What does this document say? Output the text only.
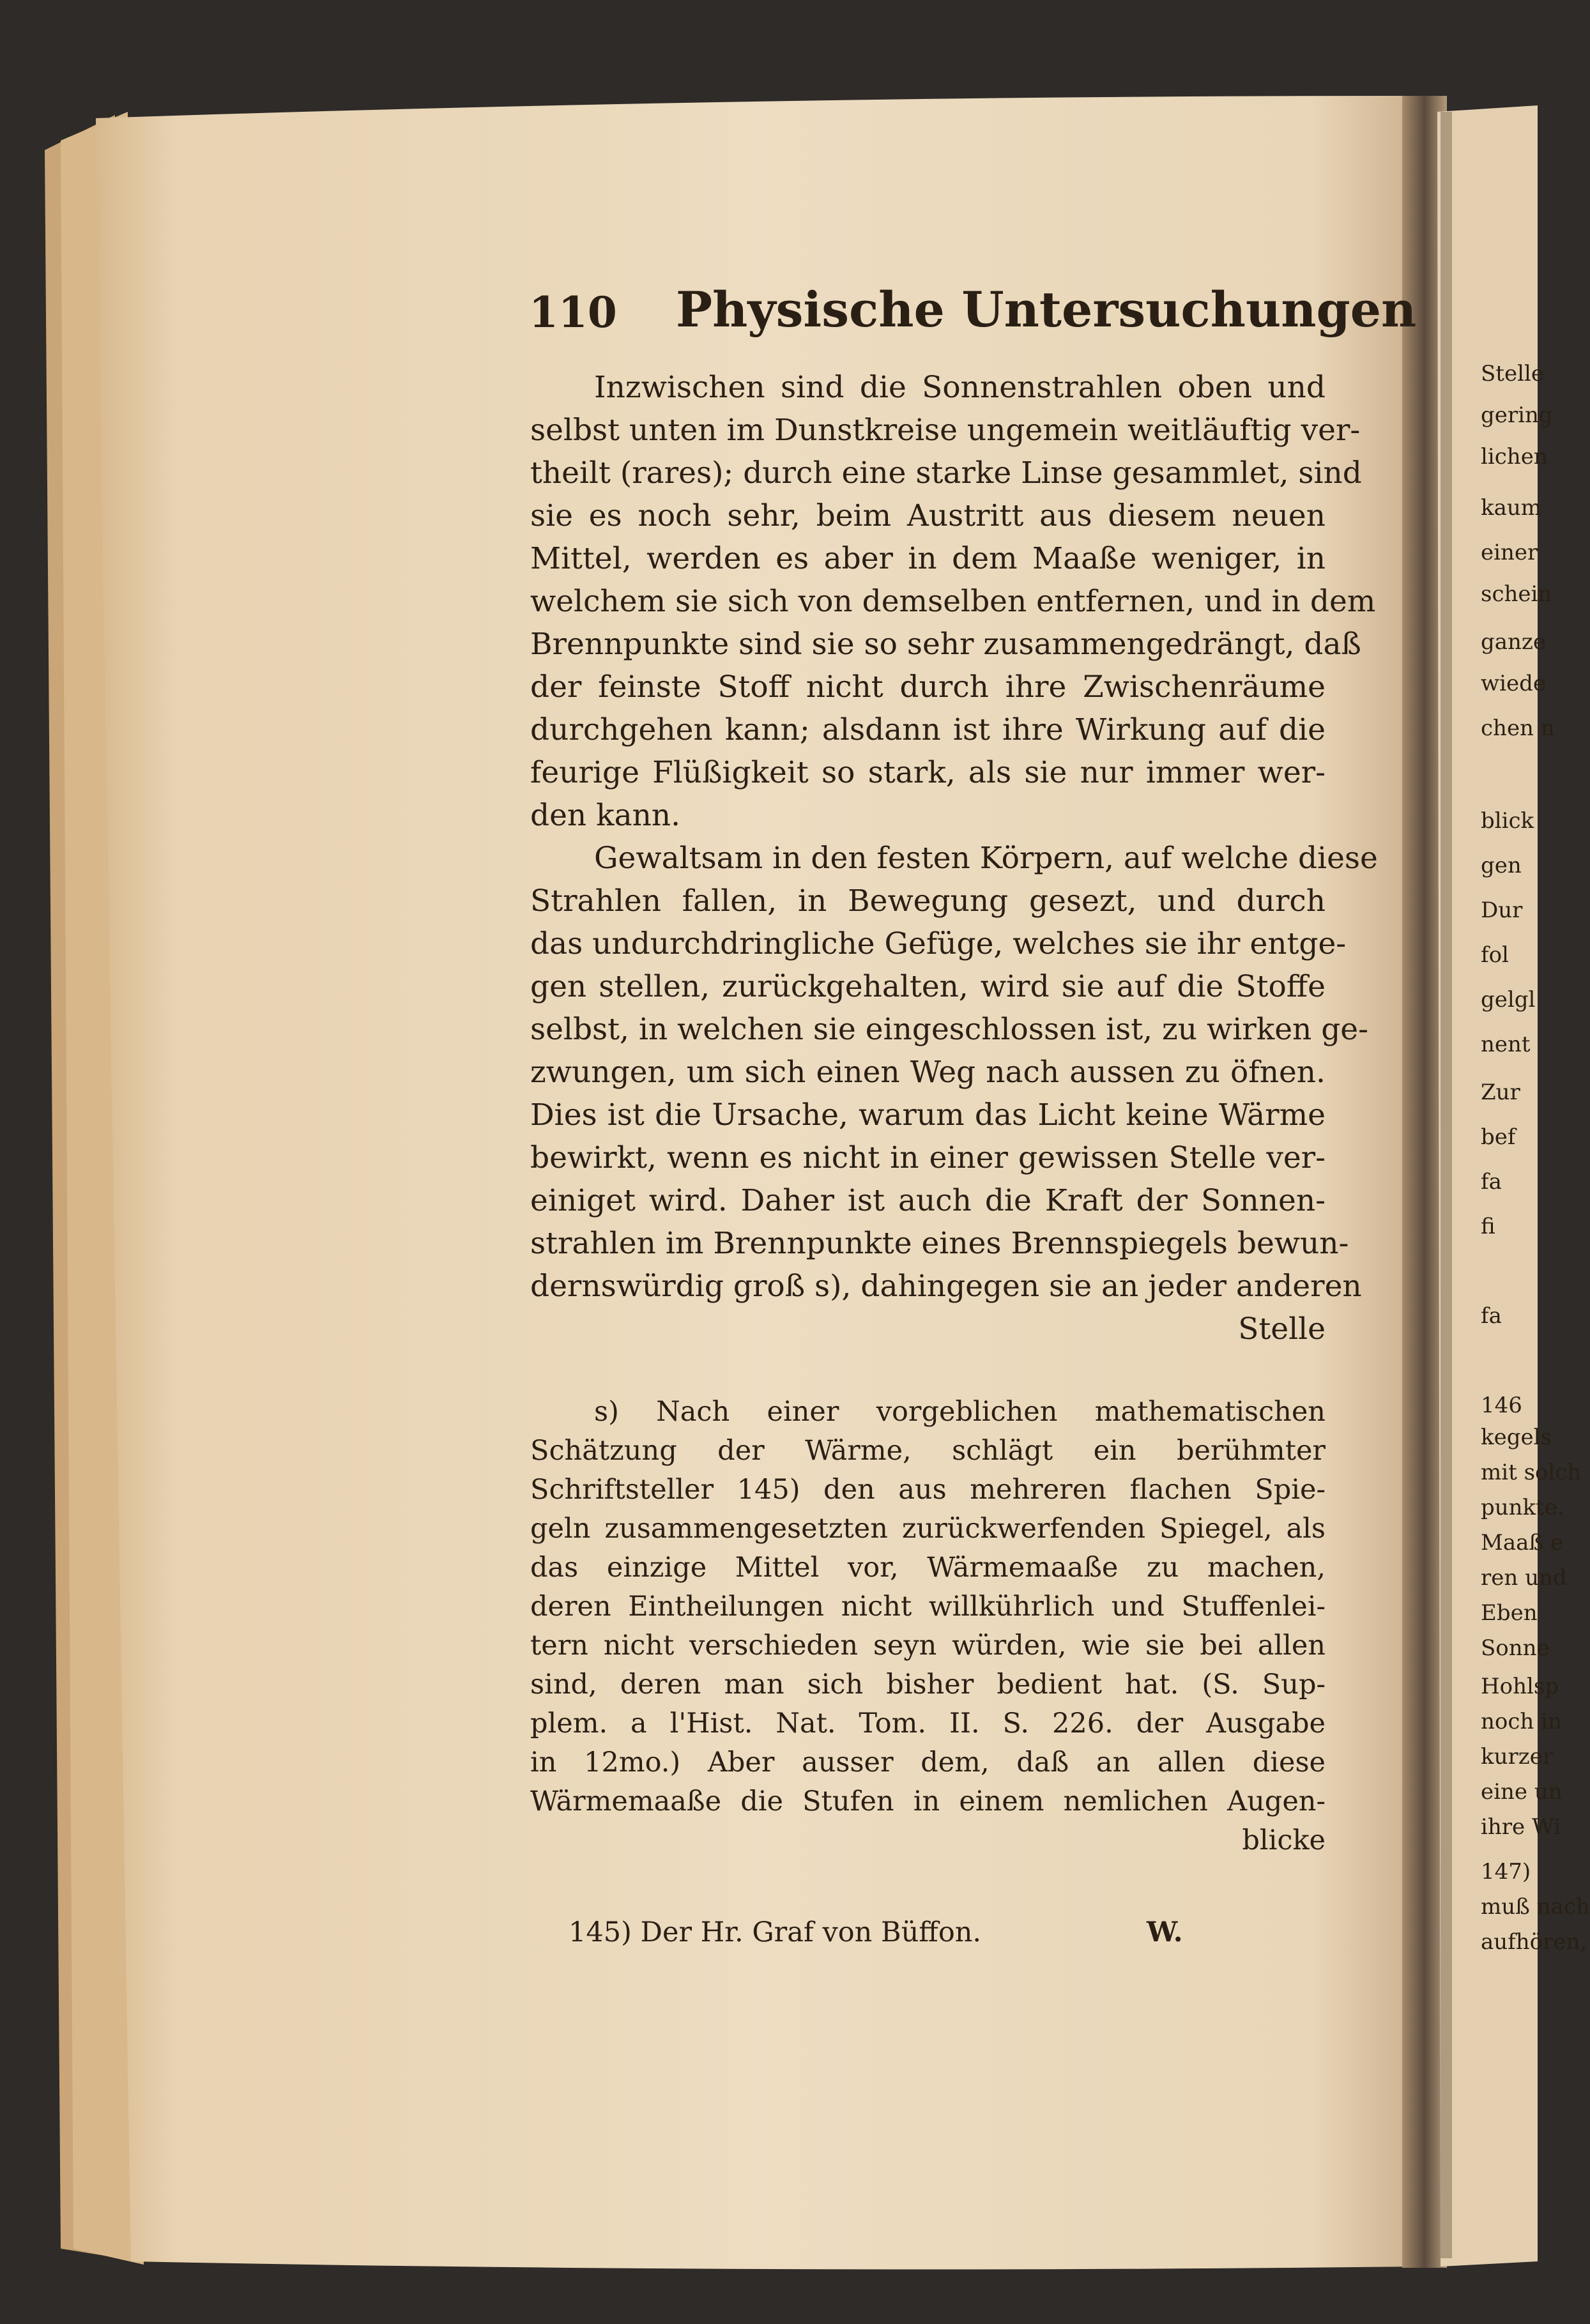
110 Physische Untersuchungen
Inzwischen sind die Sonnenstrahlen oben und
selbst unten im Dunstkreise ungemein weitläuftig ver-
theilt (rares); durch eine starke Linse gesammlet, sind
sie es noch sehr, beim Austritt aus diesem neuen
Mittel, werden es aber in dem Maaße weniger, in
welchem sie sich von demselben entfernen, und in dem
Brennpunkte sind sie so sehr zusammengedrängt, daß
der feinste Stoff nicht durch ihre Zwischenräume
durchgehen kann; alsdann ist ihre Wirkung auf die
feurige Flüßigkeit so stark, als sie nur immer wer-
den kann.
Gewaltsam in den festen Körpern, auf welche diese
Strahlen fallen, in Bewegung gesezt, und durch
das undurchdringliche Gefüge, welches sie ihr entge-
gen stellen, zurückgehalten, wird sie auf die Stoffe
selbst, in welchen sie eingeschlossen ist, zu wirken ge-
zwungen, um sich einen Weg nach aussen zu öfnen.
Dies ist die Ursache, warum das Licht keine Wärme
bewirkt, wenn es nicht in einer gewissen Stelle ver-
einiget wird. Daher ist auch die Kraft der Sonnen-
strahlen im Brennpunkte eines Brennspiegels bewun-
dernswürdig groß s), dahingegen sie an jeder anderen
Stelle
s) Nach einer vorgeblichen mathematischen
Schätzung der Wärme, schlägt ein berühmter
Schriftsteller 145) den aus mehreren flachen Spie-
geln zusammengesetzten zurückwerfenden Spiegel, als
das einzige Mittel vor, Wärmemaaße zu machen,
deren Eintheilungen nicht willkührlich und Stuffenlei-
tern nicht verschieden seyn würden, wie sie bei allen
sind, deren man sich bisher bedient hat. (S. Sup-
plem. a l'Hist. Nat. Tom. II. S. 226. der Ausgabe
in 12mo.) Aber ausser dem, daß an allen diese
Wärmemaaße die Stufen in einem nemlichen Augen-
blicke
145) Der Hr. Graf von Büffon.	W.
Stelle
gering
lichen
kaum
einer
schein
ganze
wiede
chen n
blick
gen
Dur
fol
gelgl
nent
Zur
bef
fa
fi
fa
146
kegels
mit solch
punkte.
Maaß e
ren und
Eben
Sonne
Hohlsp
noch in
kurzer
eine un
ihre Wi
147)
muß nach
aufhören,
